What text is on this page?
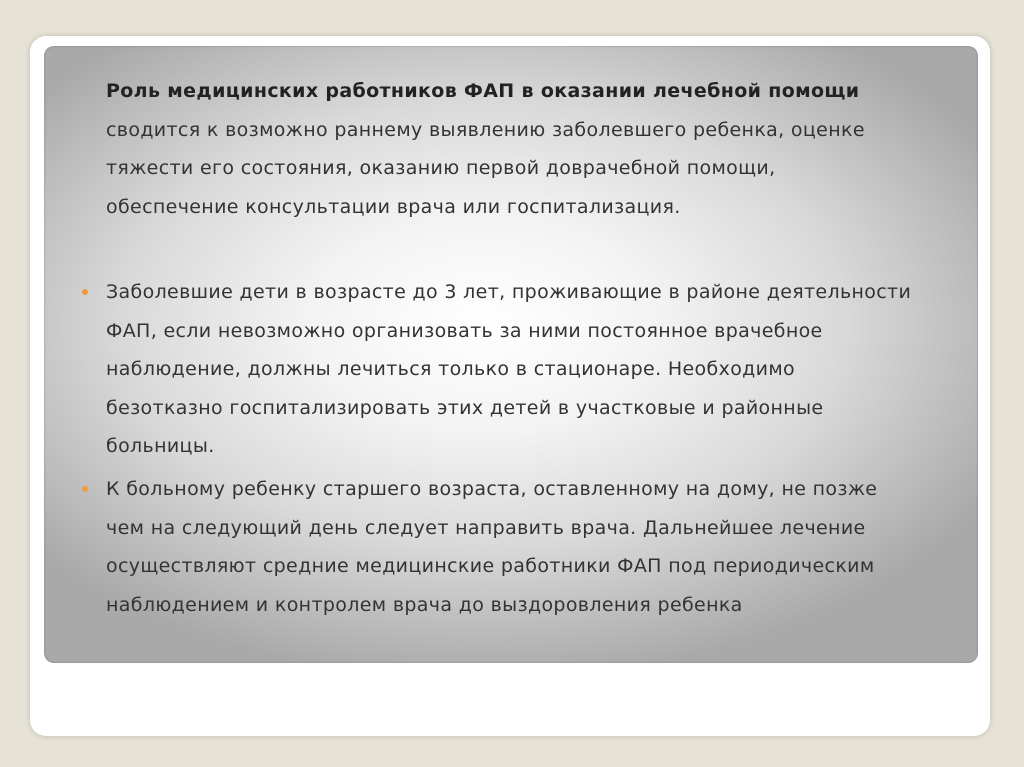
Роль медицинских работников ФАП в оказании лечебной помощи
сводится к возможно раннему выявлению заболевшего ребенка, оценке
тяжести его состояния, оказанию первой доврачебной помощи,
обеспечение консультации врача или госпитализация.

Заболевшие дети в возрасте до 3 лет, проживающие в районе деятельности
ФАП, если невозможно организовать за ними постоянное врачебное
наблюдение, должны лечиться только в стационаре. Необходимо
безотказно госпитализировать этих детей в участковые и районные
больницы.

К больному ребенку старшего возраста, оставленному на дому, не позже
чем на следующий день следует направить врача. Дальнейшее лечение
осуществляют средние медицинские работники ФАП под периодическим
наблюдением и контролем врача до выздоровления ребенка
